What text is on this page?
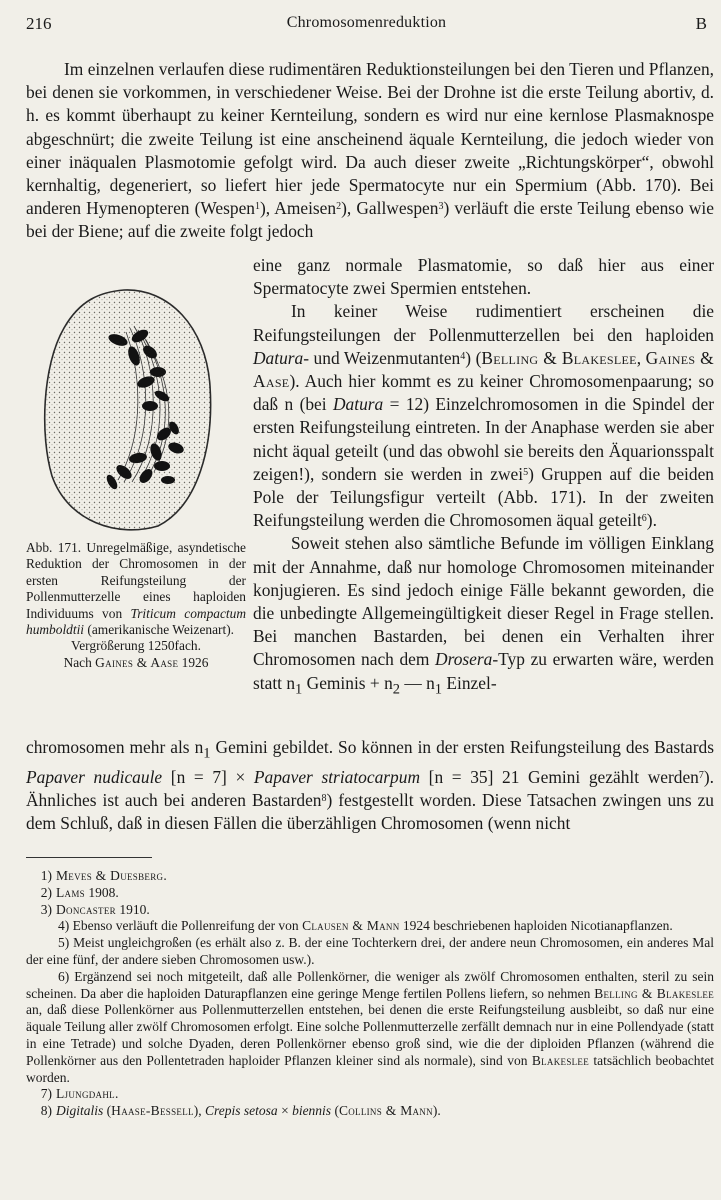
216	Chromosomenreduktion	B

Im einzelnen verlaufen diese rudimentären Reduktionsteilungen bei den Tieren und Pflanzen, bei denen sie vorkommen, in verschiedener Weise. Bei der Drohne ist die erste Teilung abortiv, d. h. es kommt überhaupt zu keiner Kernteilung, sondern es wird nur eine kernlose Plasmaknospe abgeschnürt; die zweite Teilung ist eine anscheinend äquale Kernteilung, die jedoch wieder von einer inäqualen Plasmotomie gefolgt wird. Da auch dieser zweite „Richtungskörper“, obwohl kernhaltig, degeneriert, so liefert hier jede Spermatocyte nur ein Spermium (Abb. 170). Bei anderen Hymenopteren (Wespen$^1$), Ameisen$^2$), Gallwespen$^3$) verläuft die erste Teilung ebenso wie bei der Biene; auf die zweite folgt jedoch

eine ganz normale Plasmatomie, so daß hier aus einer Spermatocyte zwei Spermien entstehen.

In keiner Weise rudimentiert erscheinen die Reifungsteilungen der Pollenmutterzellen bei den haploiden Datura- und Weizenmutanten$^4$) (Belling & Blakeslee, Gaines & Aase). Auch hier kommt es zu keiner Chromosomenpaarung; so daß n (bei Datura = 12) Einzelchromosomen in die Spindel der ersten Reifungsteilung eintreten. In der Anaphase werden sie aber nicht äqual geteilt (und das obwohl sie bereits den Äquarionsspalt zeigen!), sondern sie werden in zwei$^5$) Gruppen auf die beiden Pole der Teilungsfigur verteilt (Abb. 171). In der zweiten Reifungsteilung werden die Chromosomen äqual geteilt$^6$).

Soweit stehen also sämtliche Befunde im völligen Einklang mit der Annahme, daß nur homologe Chromosomen miteinander konjugieren. Es sind jedoch einige Fälle bekannt geworden, die die unbedingte Allgemeingültigkeit dieser Regel in Frage stellen. Bei manchen Bastarden, bei denen ein Verhalten ihrer Chromosomen nach dem Drosera-Typ zu erwarten wäre, werden statt $n_1$ Geminis + $n_2$ — $n_1$ Einzel-

Abb. 171. Unregelmäßige, asyndetische Reduktion der Chromosomen in der ersten Reifungsteilung der Pollenmutterzelle eines haploiden Individuums von Triticum compactum humboldtii (amerikanische Weizenart).
Vergrößerung 1250fach.
Nach Gaines & Aase 1926

chromosomen mehr als $n_1$ Gemini gebildet. So können in der ersten Reifungsteilung des Bastards Papaver nudicaule [n = 7] × Papaver striatocarpum [n = 35] 21 Gemini gezählt werden$^7$). Ähnliches ist auch bei anderen Bastarden$^8$) festgestellt worden. Diese Tatsachen zwingen uns zu dem Schluß, daß in diesen Fällen die überzähligen Chromosomen (wenn nicht

1) Meves & Duesberg.

2) Lams 1908.

3) Doncaster 1910.

4) Ebenso verläuft die Pollenreifung der von Clausen & Mann 1924 beschriebenen haploiden Nicotianapflanzen.

5) Meist ungleichgroßen (es erhält also z. B. der eine Tochterkern drei, der andere neun Chromosomen, ein anderes Mal der eine fünf, der andere sieben Chromosomen usw.).

6) Ergänzend sei noch mitgeteilt, daß alle Pollenkörner, die weniger als zwölf Chromosomen enthalten, steril zu sein scheinen. Da aber die haploiden Daturapflanzen eine geringe Menge fertilen Pollens liefern, so nehmen Belling & Blakeslee an, daß diese Pollenkörner aus Pollenmutterzellen entstehen, bei denen die erste Reifungsteilung ausbleibt, so daß nur eine äquale Teilung aller zwölf Chromosomen erfolgt. Eine solche Pollenmutterzelle zerfällt demnach nur in eine Pollendyade (statt in eine Tetrade) und solche Dyaden, deren Pollenkörner ebenso groß sind, wie die der diploiden Pflanzen (während die Pollenkörner aus den Pollentetraden haploider Pflanzen kleiner sind als normale), sind von Blakeslee tatsächlich beobachtet worden.

7) Ljungdahl.

8) Digitalis (Haase-Bessell), Crepis setosa × biennis (Collins & Mann).
